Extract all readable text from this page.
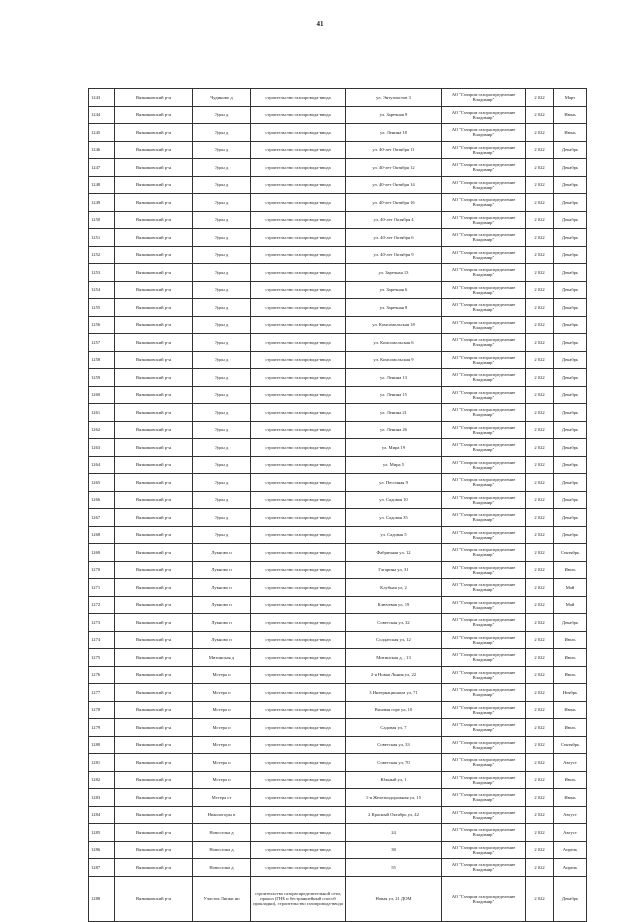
41
1243	Вязниковский р-н	Чудиново д	строительство газопровода-ввода	ул. Энтузиастов 3	АО "Газпром газораспределение Владимир"	2 022	Март
1244	Вязниковский р-н	Эдон д	строительство газопровода-ввода	ул. Заречная 9	АО "Газпром газораспределение Владимир"	2 022	Июнь
1245	Вязниковский р-н	Эдон д	строительство газопровода-ввода	ул. Ленина 18	АО "Газпром газораспределение Владимир"	2 022	Июнь
1246	Вязниковский р-н	Эдон д	строительство газопровода-ввода	ул. 40-лет Октября 11	АО "Газпром газораспределение Владимир"	2 022	Декабрь
1247	Вязниковский р-н	Эдон д	строительство газопровода-ввода	ул. 40-лет Октября 12	АО "Газпром газораспределение Владимир"	2 022	Декабрь
1248	Вязниковский р-н	Эдон д	строительство газопровода-ввода	ул. 40-лет Октября 14	АО "Газпром газораспределение Владимир"	2 022	Декабрь
1249	Вязниковский р-н	Эдон д	строительство газопровода-ввода	ул. 40-лет Октября 16	АО "Газпром газораспределение Владимир"	2 022	Декабрь
1250	Вязниковский р-н	Эдон д	строительство газопровода-ввода	ул. 40-лет Октября 4	АО "Газпром газораспределение Владимир"	2 022	Декабрь
1251	Вязниковский р-н	Эдон д	строительство газопровода-ввода	ул. 40-лет Октября 6	АО "Газпром газораспределение Владимир"	2 022	Декабрь
1252	Вязниковский р-н	Эдон д	строительство газопровода-ввода	ул. 40-лет Октября 9	АО "Газпром газораспределение Владимир"	2 022	Декабрь
1253	Вязниковский р-н	Эдон д	строительство газопровода-ввода	ул. Заречная 13	АО "Газпром газораспределение Владимир"	2 022	Декабрь
1254	Вязниковский р-н	Эдон д	строительство газопровода-ввода	ул. Заречная 6	АО "Газпром газораспределение Владимир"	2 022	Декабрь
1255	Вязниковский р-н	Эдон д	строительство газопровода-ввода	ул. Заречная 8	АО "Газпром газораспределение Владимир"	2 022	Декабрь
1256	Вязниковский р-н	Эдон д	строительство газопровода-ввода	ул. Комсомольская 18	АО "Газпром газораспределение Владимир"	2 022	Декабрь
1257	Вязниковский р-н	Эдон д	строительство газопровода-ввода	ул. Комсомольская 6	АО "Газпром газораспределение Владимир"	2 022	Декабрь
1258	Вязниковский р-н	Эдон д	строительство газопровода-ввода	ул. Комсомольская 9	АО "Газпром газораспределение Владимир"	2 022	Декабрь
1259	Вязниковский р-н	Эдон д	строительство газопровода-ввода	ул. Ленина 13	АО "Газпром газораспределение Владимир"	2 022	Декабрь
1260	Вязниковский р-н	Эдон д	строительство газопровода-ввода	ул. Ленина 15	АО "Газпром газораспределение Владимир"	2 022	Декабрь
1261	Вязниковский р-н	Эдон д	строительство газопровода-ввода	ул. Ленина 21	АО "Газпром газораспределение Владимир"	2 022	Декабрь
1262	Вязниковский р-н	Эдон д	строительство газопровода-ввода	ул. Ленина 26	АО "Газпром газораспределение Владимир"	2 022	Декабрь
1263	Вязниковский р-н	Эдон д	строительство газопровода-ввода	ул. Мира 19	АО "Газпром газораспределение Владимир"	2 022	Декабрь
1264	Вязниковский р-н	Эдон д	строительство газопровода-ввода	ул. Мира 5	АО "Газпром газораспределение Владимир"	2 022	Декабрь
1265	Вязниковский р-н	Эдон д	строительство газопровода-ввода	ул. Песочная 9	АО "Газпром газораспределение Владимир"	2 022	Декабрь
1266	Вязниковский р-н	Эдон д	строительство газопровода-ввода	ул. Садовая 10	АО "Газпром газораспределение Владимир"	2 022	Декабрь
1267	Вязниковский р-н	Эдон д	строительство газопровода-ввода	ул. Садовая 35	АО "Газпром газораспределение Владимир"	2 022	Декабрь
1268	Вязниковский р-н	Эдон д	строительство газопровода-ввода	ул. Садовая 5	АО "Газпром газораспределение Владимир"	2 022	Декабрь
1269	Вязниковский р-н	Лукново п	строительство газопровода-ввода	Фабричная ул, 12	АО "Газпром газораспределение Владимир"	2 022	Сентябрь
1270	Вязниковский р-н	Лукново п	строительство газопровода-ввода	Гагарина ул, 31	АО "Газпром газораспределение Владимир"	2 022	Июль
1271	Вязниковский р-н	Лукново п	строительство газопровода-ввода	Клубная ул, 2	АО "Газпром газораспределение Владимир"	2 022	Май
1272	Вязниковский р-н	Лукново п	строительство газопровода-ввода	Ключевая ул, 19	АО "Газпром газораспределение Владимир"	2 022	Май
1273	Вязниковский р-н	Лукново п	строительство газопровода-ввода	Советская ул, 32	АО "Газпром газораспределение Владимир"	2 022	Декабрь
1274	Вязниковский р-н	Лукново п	строительство газопровода-ввода	Солдатская ул, 12	АО "Газпром газораспределение Владимир"	2 022	Июль
1275	Вязниковский р-н	Митинская д	строительство газопровода-ввода	Митинская д, , 13	АО "Газпром газораспределение Владимир"	2 022	Июль
1276	Вязниковский р-н	Мстера п	строительство газопровода-ввода	2-я Новая Линия ул, 22	АО "Газпром газораспределение Владимир"	2 022	Июль
1277	Вязниковский р-н	Мстера п	строительство газопровода-ввода	3 Интернационала ул, 71	АО "Газпром газораспределение Владимир"	2 022	Ноябрь
1278	Вязниковский р-н	Мстера п	строительство газопровода-ввода	Вязовая горе ул, 10	АО "Газпром газораспределение Владимир"	2 022	Июнь
1279	Вязниковский р-н	Мстера п	строительство газопровода-ввода	Садовая ул, 7	АО "Газпром газораспределение Владимир"	2 022	Июль
1280	Вязниковский р-н	Мстера п	строительство газопровода-ввода	Советская ул, 33	АО "Газпром газораспределение Владимир"	2 022	Сентябрь
1281	Вязниковский р-н	Мстера п	строительство газопровода-ввода	Советская ул, 70	АО "Газпром газораспределение Владимир"	2 022	Август
1282	Вязниковский р-н	Мстера п	строительство газопровода-ввода	Южный ул, 1	АО "Газпром газораспределение Владимир"	2 022	Июль
1283	Вязниковский р-н	Мстера ст	строительство газопровода-ввода	1-я Железнодорожная ул, 15	АО "Газпром газораспределение Владимир"	2 022	Июнь
1284	Вязниковский р-н	Никологоры п	строительство газопровода-ввода	2 Красный Октябрь ул, 42	АО "Газпром газораспределение Владимир"	2 022	Август
1285	Вязниковский р-н	Новоселка д	строительство газопровода-ввода	24	АО "Газпром газораспределение Владимир"	2 022	Август
1286	Вязниковский р-н	Новоселка д	строительство газопровода-ввода	38	АО "Газпром газораспределение Владимир"	2 022	Апрель
1287	Вязниковский р-н	Новоселка д	строительство газопровода-ввода	55	АО "Газпром газораспределение Владимир"	2 022	Апрель
1288	Вязниковский р-н	Участок Липки нп	строительство газораспределительной сети, прокол (ГНБ и бестраншейный способ прокладки), строительство газопровода-ввода	Новая ул, 21 ДОМ	АО "Газпром газораспределение Владимир"	2 022	Декабрь
